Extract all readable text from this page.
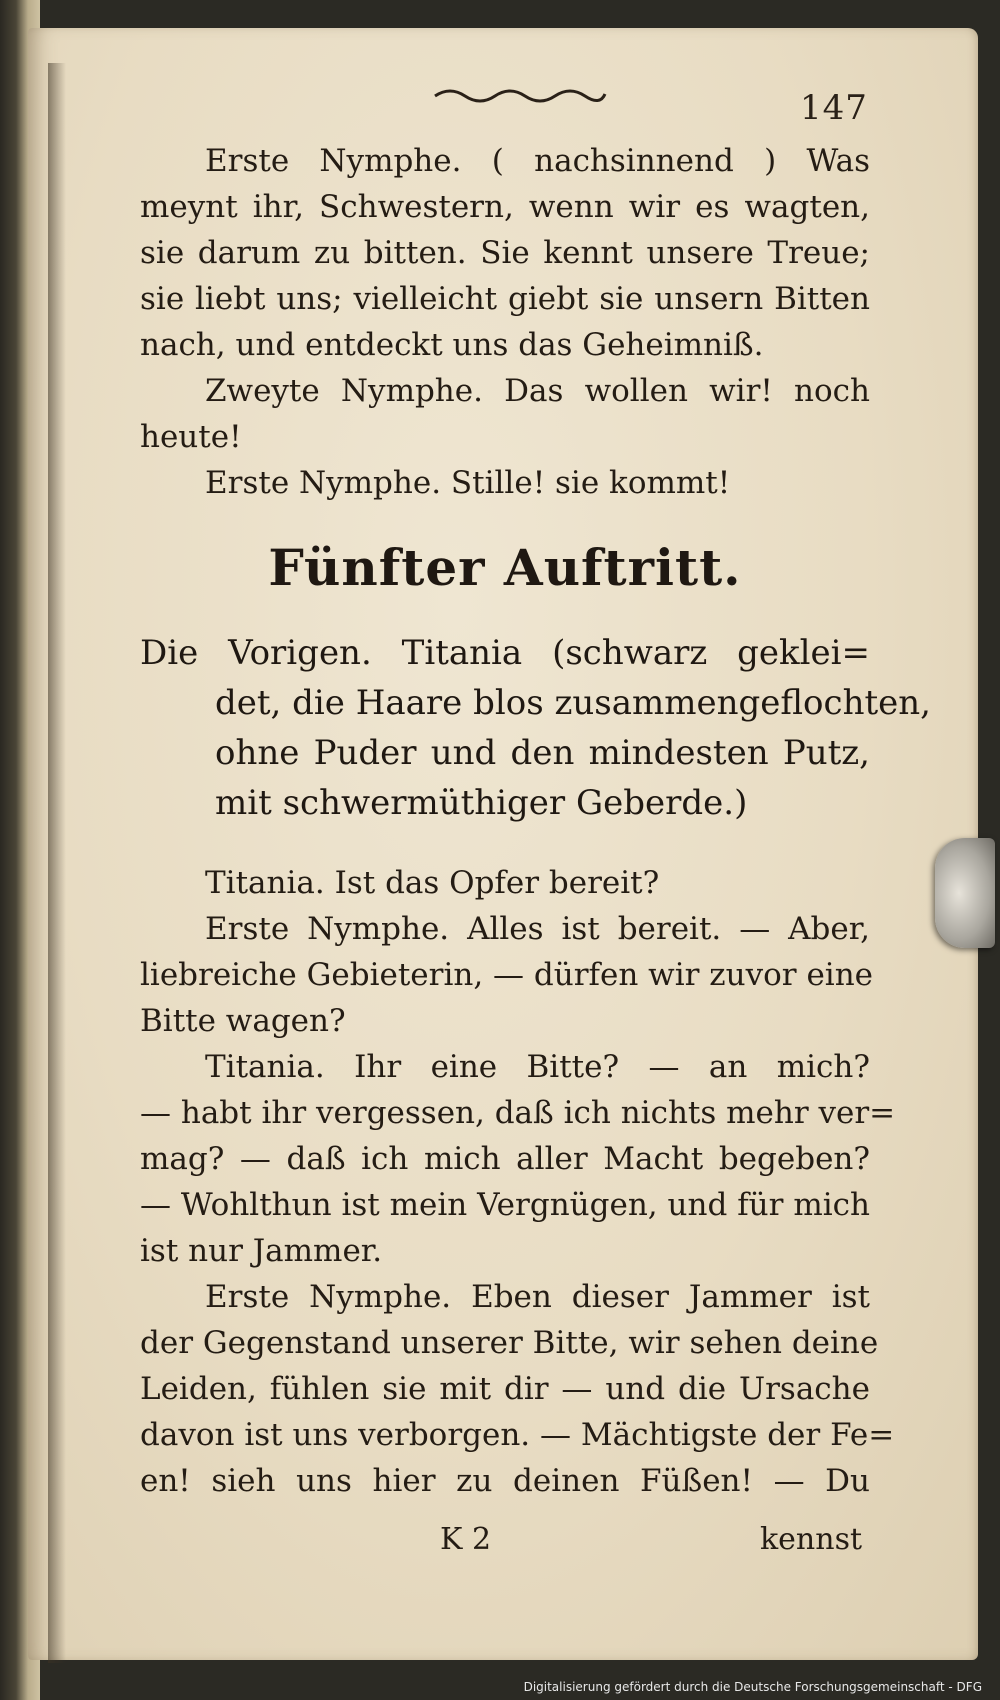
147
Erste Nymphe. ( nachsinnend ) Was
meynt ihr, Schwestern, wenn wir es wagten,
sie darum zu bitten. Sie kennt unsere Treue;
sie liebt uns; vielleicht giebt sie unsern Bitten
nach, und entdeckt uns das Geheimniß.
Zweyte Nymphe. Das wollen wir! noch
heute!
Erste Nymphe. Stille! sie kommt!
Fünfter Auftritt.
Die Vorigen. Titania (schwarz geklei=
det, die Haare blos zusammengeflochten,
ohne Puder und den mindesten Putz,
mit schwermüthiger Geberde.)
Titania. Ist das Opfer bereit?
Erste Nymphe. Alles ist bereit. — Aber,
liebreiche Gebieterin, — dürfen wir zuvor eine
Bitte wagen?
Titania. Ihr eine Bitte? — an mich?
— habt ihr vergessen, daß ich nichts mehr ver=
mag? — daß ich mich aller Macht begeben?
— Wohlthun ist mein Vergnügen, und für mich
ist nur Jammer.
Erste Nymphe. Eben dieser Jammer ist
der Gegenstand unserer Bitte, wir sehen deine
Leiden, fühlen sie mit dir — und die Ursache
davon ist uns verborgen. — Mächtigste der Fe=
en! sieh uns hier zu deinen Füßen! — Du
K 2	kennst
Digitalisierung gefördert durch die Deutsche Forschungsgemeinschaft - DFG
